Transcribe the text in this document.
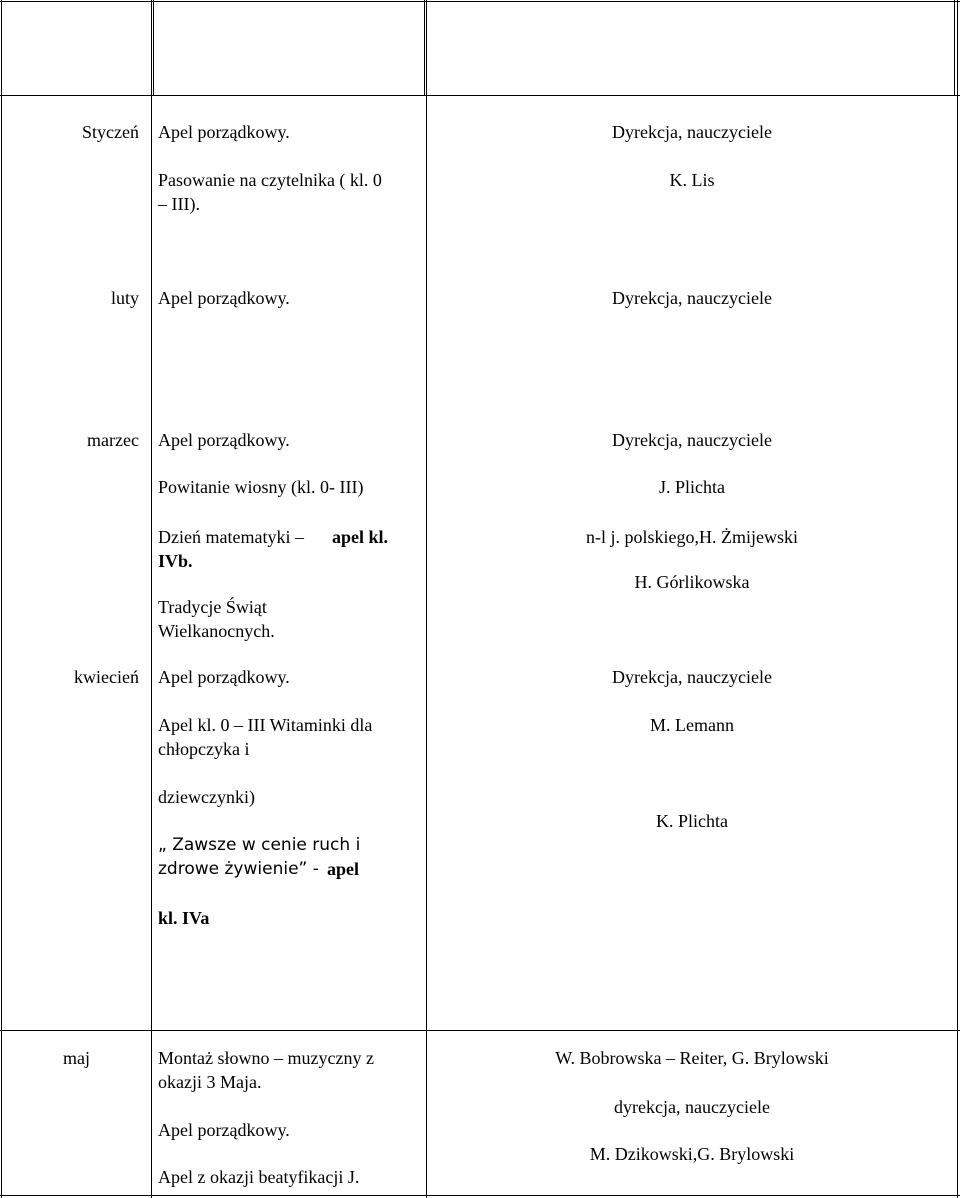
Styczeń Apel porządkowy.
Pasowanie na czytelnika ( kl. 0
– III).
Dyrekcja, nauczyciele
K. Lis
luty Apel porządkowy.	Dyrekcja, nauczyciele
marzec Apel porządkowy.
Powitanie wiosny (kl. 0- III)
Dzień matematyki – apel kl.
IVb.
Tradycje Świąt
Wielkanocnych.
Dyrekcja, nauczyciele
J. Plichta
n-l j. polskiego,H. Żmijewski
H. Górlikowska
kwiecień Apel porządkowy.
Apel kl. 0 – III Witaminki dla
chłopczyka i
dziewczynki)
„ Zawsze w cenie ruch i
zdrowe żywienie” - apel
kl. IVa
Dyrekcja, nauczyciele
M. Lemann
K. Plichta
maj	Montaż słowno – muzyczny z
okazji 3 Maja.
Apel porządkowy.
Apel z okazji beatyfikacji J.
W. Bobrowska – Reiter, G. Brylowski
dyrekcja, nauczyciele
M. Dzikowski,G. Brylowski
